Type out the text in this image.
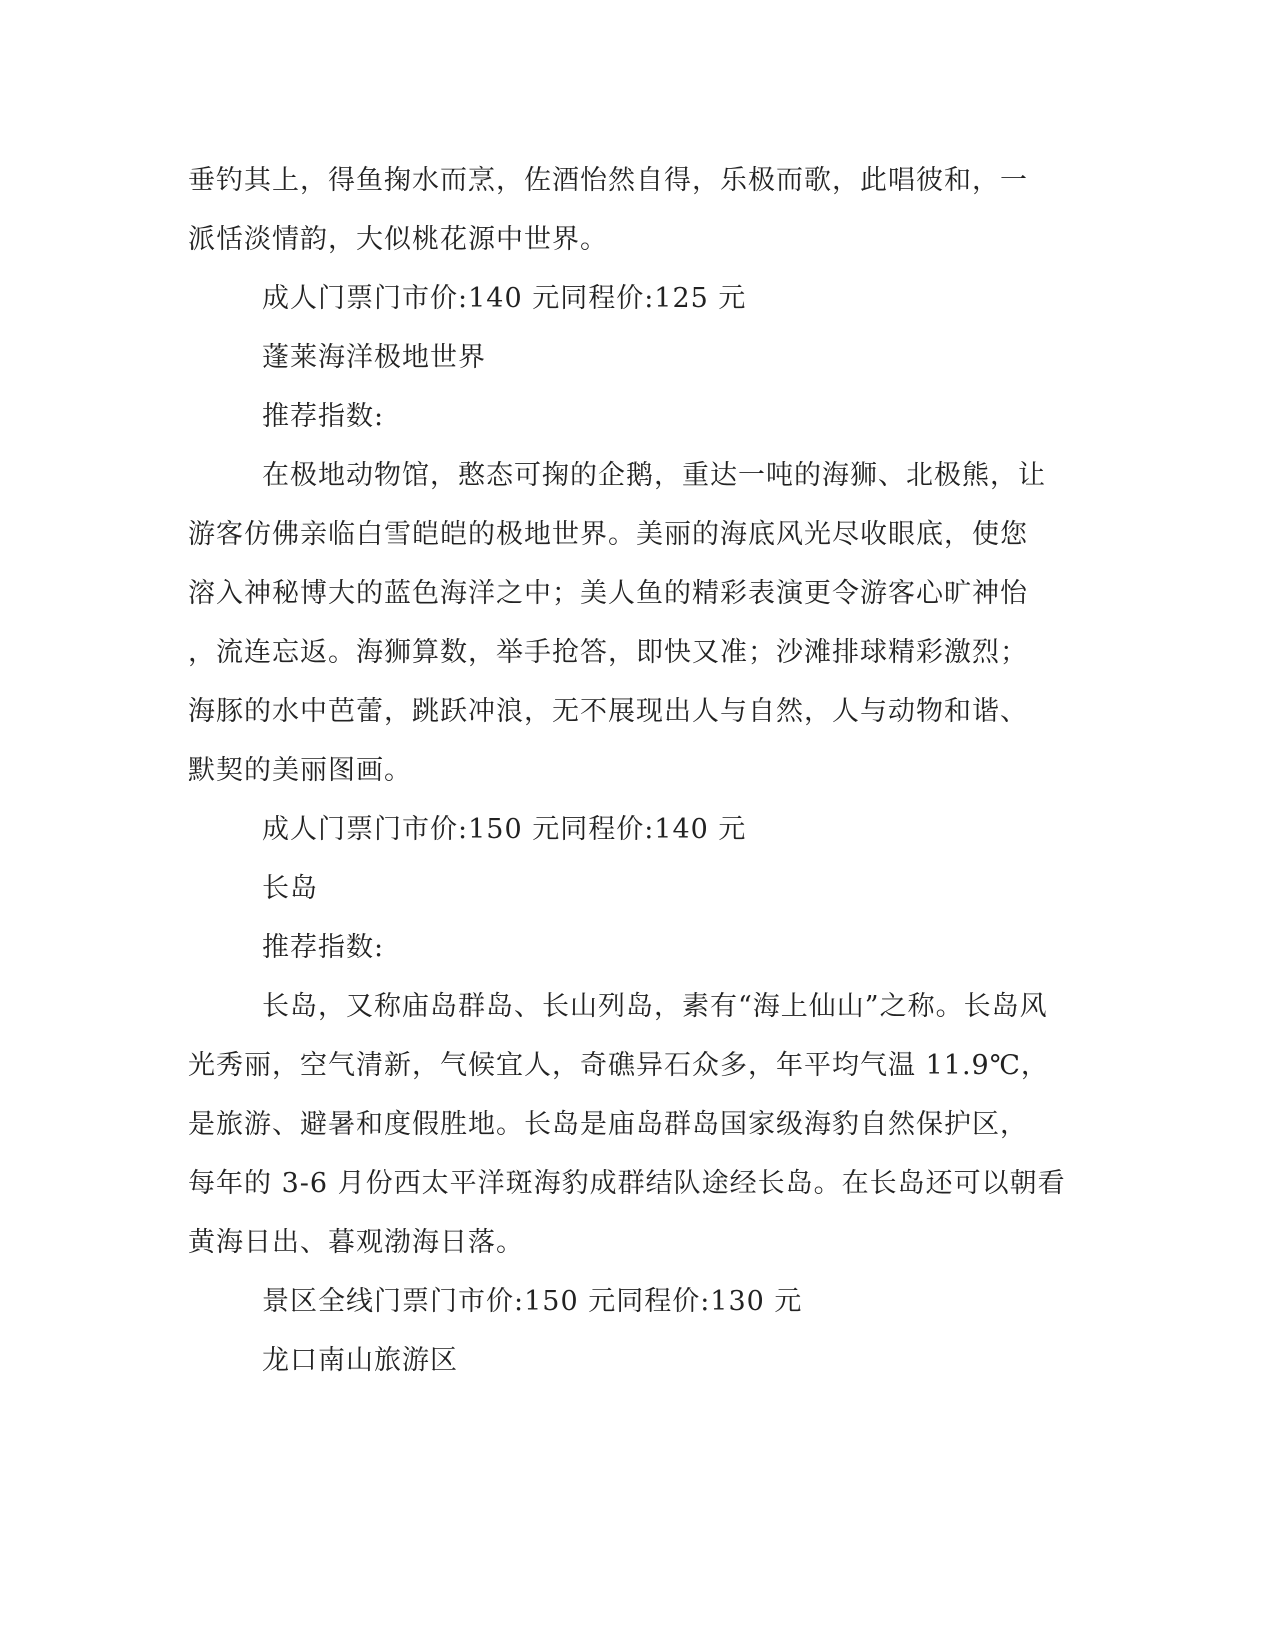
垂钓其上，得鱼掬水而烹，佐酒怡然自得，乐极而歌，此唱彼和，一

派恬淡情韵，大似桃花源中世界。

成人门票门市价:140 元同程价:125 元

蓬莱海洋极地世界

推荐指数:

在极地动物馆，憨态可掬的企鹅，重达一吨的海狮、北极熊，让

游客仿佛亲临白雪皑皑的极地世界。美丽的海底风光尽收眼底，使您

溶入神秘博大的蓝色海洋之中；美人鱼的精彩表演更令游客心旷神怡

，流连忘返。海狮算数，举手抢答，即快又准；沙滩排球精彩激烈；

海豚的水中芭蕾，跳跃冲浪，无不展现出人与自然，人与动物和谐、

默契的美丽图画。

成人门票门市价:150 元同程价:140 元

长岛

推荐指数:

长岛，又称庙岛群岛、长山列岛，素有“海上仙山”之称。长岛风

光秀丽，空气清新，气候宜人，奇礁异石众多，年平均气温 11.9℃，

是旅游、避暑和度假胜地。长岛是庙岛群岛国家级海豹自然保护区，

每年的 3-6 月份西太平洋斑海豹成群结队途经长岛。在长岛还可以朝看

黄海日出、暮观渤海日落。

景区全线门票门市价:150 元同程价:130 元

龙口南山旅游区
